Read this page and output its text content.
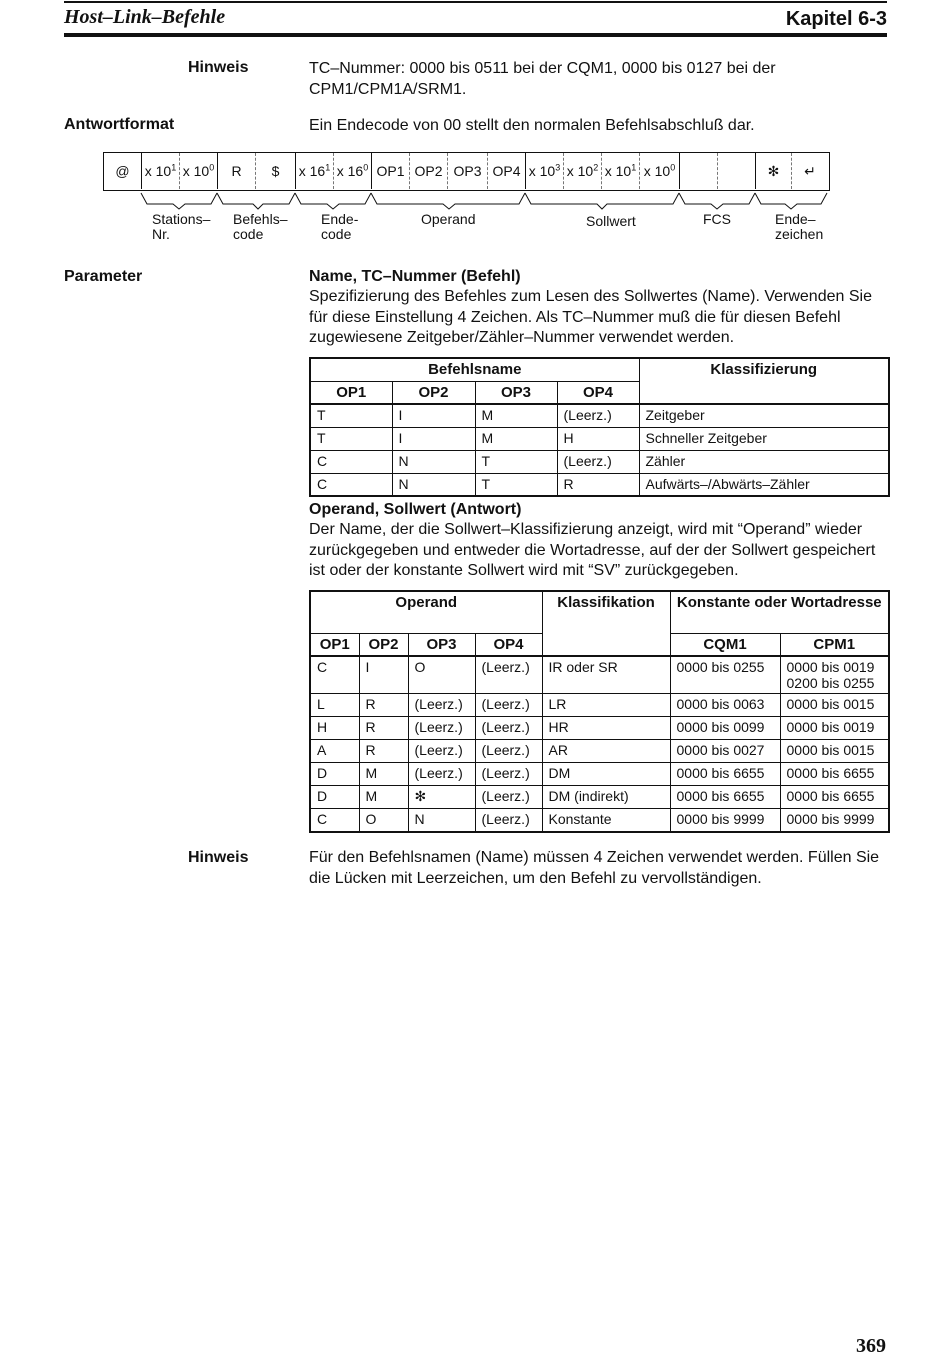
Host–Link–Befehle	Kapitel 6-3
Hinweis	TC–Nummer: 0000 bis 0511 bei der CQM1, 0000 bis 0127 bei der CPM1/CPM1A/SRM1.
Antwortformat	Ein Endecode von 00 stellt den normalen Befehlsabschluß dar.
@	x $10^1$ x $10^0$	R	$	x $16^1$ x $16^0$ OP1 OP2 OP3 OP4 x $10^3$ x $10^2$ x $10^1$ x $10^0$	✻	↵
Stations– Nr.
Befehls– code
Ende- code
Operand	Sollwert	FCS	Ende– zeichen
Parameter	Name, TC–Nummer (Befehl)
Spezifizierung des Befehles zum Lesen des Sollwertes (Name). Verwenden Sie für diese Einstellung 4 Zeichen. Als TC–Nummer muß die für diesen Befehl zugewiesene Zeitgeber/Zähler–Nummer verwendet werden.
Befehlsname				Klassifizierung
OP1	OP2	OP3	OP4	
T	I	M	(Leerz.)	Zeitgeber
T	I	M	H	Schneller Zeitgeber
C	N	T	(Leerz.)	Zähler
C	N	T	R	Aufwärts–/Abwärts–Zähler
Operand, Sollwert (Antwort)
Der Name, der die Sollwert–Klassifizierung anzeigt, wird mit “Operand” wieder zurückgegeben und entweder die Wortadresse, auf der der Sollwert gespeichert ist oder der konstante Sollwert wird mit “SV” zurückgegeben.
Operand				Klassifikation	Konstante oder Wortadresse	
OP1	OP2	OP3	OP4		CQM1	CPM1
C	I	O	(Leerz.)	IR oder SR	0000 bis 0255	0000 bis 0019
0200 bis 0255

L	R	(Leerz.)	(Leerz.)	LR	0000 bis 0063	0000 bis 0015
H	R	(Leerz.)	(Leerz.)	HR	0000 bis 0099	0000 bis 0019
A	R	(Leerz.)	(Leerz.)	AR	0000 bis 0027	0000 bis 0015
D	M	(Leerz.)	(Leerz.)	DM	0000 bis 6655	0000 bis 6655
D	M	✻	(Leerz.)	DM (indirekt)	0000 bis 6655	0000 bis 6655
C	O	N	(Leerz.)	Konstante	0000 bis 9999	0000 bis 9999
Hinweis	Für den Befehlsnamen (Name) müssen 4 Zeichen verwendet werden. Füllen Sie die Lücken mit Leerzeichen, um den Befehl zu vervollständigen.
369
